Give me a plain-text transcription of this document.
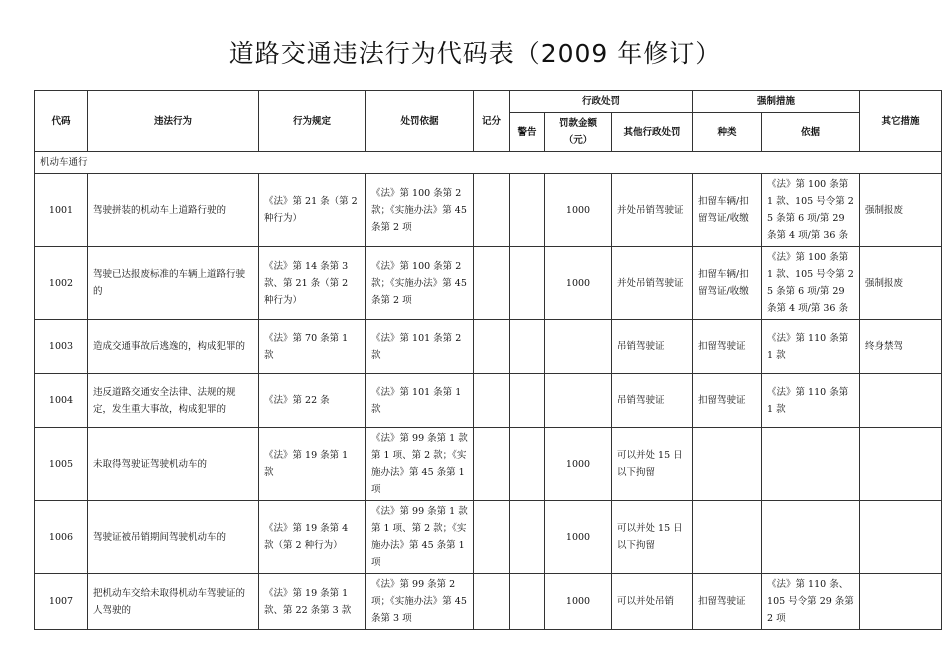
道路交通违法行为代码表（2009 年修订）
代码	违法行为	行为规定	处罚依据	记分	行政处罚			强制措施		其它措施
					警告	罚款金额（元）	其他行政处罚	种类	依据	
机动车通行										
1001	驾驶拼装的机动车上道路行驶的	《法》第 21 条（第 2 种行为）	《法》第 100 条第 2 款；《实施办法》第 45 条第 2 项			1000	并处吊销驾驶证	扣留车辆/扣留驾证/收缴	《法》第 100 条第 1 款、105 号令第 25 条第 6 项/第 29 条第 4 项/第 36 条	强制报废
1002	驾驶已达报废标准的车辆上道路行驶的	《法》第 14 条第 3 款、第 21 条（第 2 种行为）	《法》第 100 条第 2 款；《实施办法》第 45 条第 2 项			1000	并处吊销驾驶证	扣留车辆/扣留驾证/收缴	《法》第 100 条第 1 款、105 号令第 25 条第 6 项/第 29 条第 4 项/第 36 条	强制报废
1003	造成交通事故后逃逸的，构成犯罪的	《法》第 70 条第 1 款	《法》第 101 条第 2 款				吊销驾驶证	扣留驾驶证	《法》第 110 条第 1 款	终身禁驾
1004	违反道路交通安全法律、法规的规定，发生重大事故，构成犯罪的	《法》第 22 条	《法》第 101 条第 1 款				吊销驾驶证	扣留驾驶证	《法》第 110 条第 1 款	
1005	未取得驾驶证驾驶机动车的	《法》第 19 条第 1 款	《法》第 99 条第 1 款第 1 项、第 2 款；《实施办法》第 45 条第 1 项			1000	可以并处 15 日以下拘留			
1006	驾驶证被吊销期间驾驶机动车的	《法》第 19 条第 4 款（第 2 种行为）	《法》第 99 条第 1 款第 1 项、第 2 款；《实施办法》第 45 条第 1 项			1000	可以并处 15 日以下拘留			
1007	把机动车交给未取得机动车驾驶证的人驾驶的	《法》第 19 条第 1 款、第 22 条第 3 款	《法》第 99 条第 2 项；《实施办法》第 45 条第 3 项			1000	可以并处吊销	扣留驾驶证	《法》第 110 条、105 号令第 29 条第 2 项	
